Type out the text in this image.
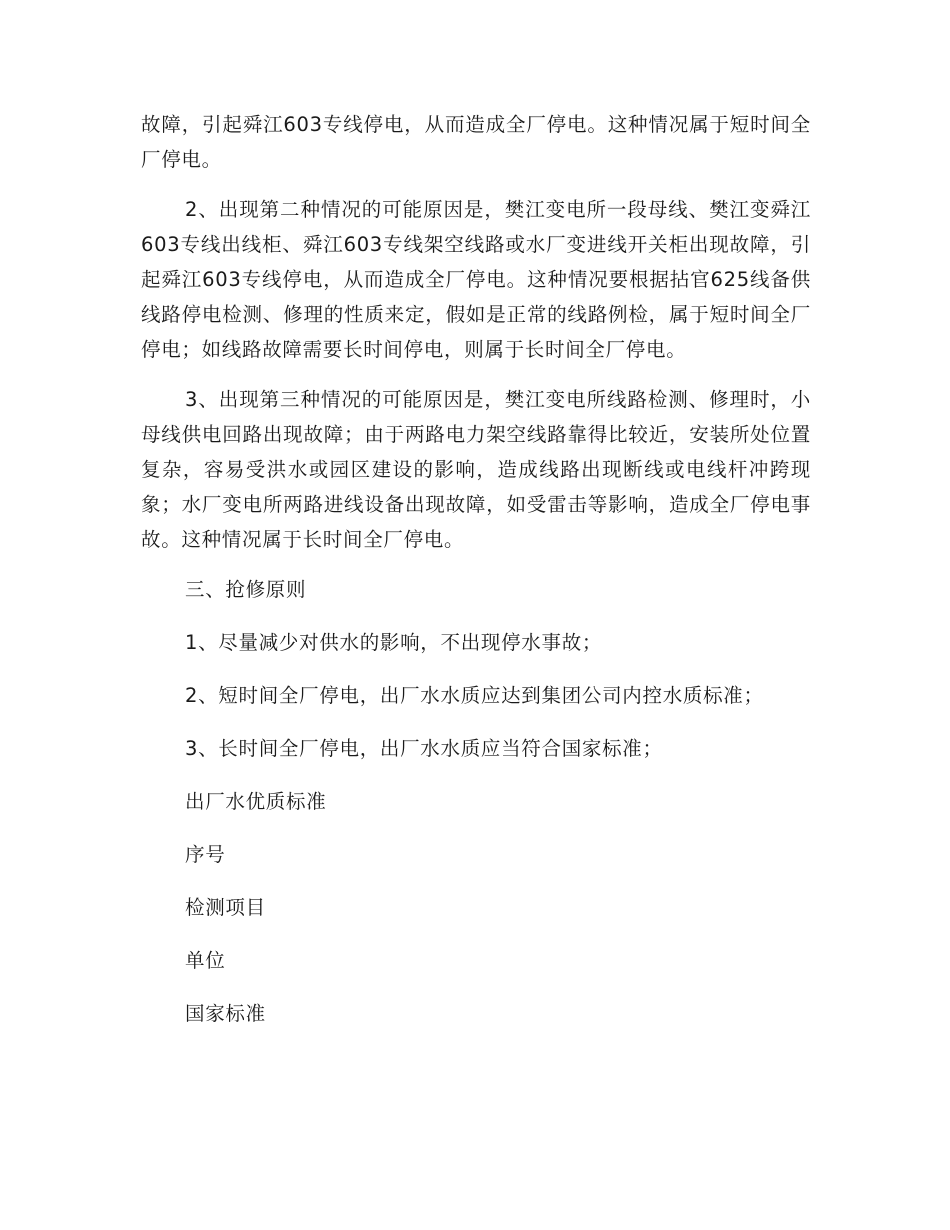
故障，引起舜江603专线停电，从而造成全厂停电。这种情况属于短时间全厂停电。

2、出现第二种情况的可能原因是，樊江变电所一段母线、樊江变舜江603专线出线柜、舜江603专线架空线路或水厂变进线开关柜出现故障，引起舜江603专线停电，从而造成全厂停电。这种情况要根据拈官625线备供线路停电检测、修理的性质来定，假如是正常的线路例检，属于短时间全厂停电；如线路故障需要长时间停电，则属于长时间全厂停电。

3、出现第三种情况的可能原因是，樊江变电所线路检测、修理时，小母线供电回路出现故障；由于两路电力架空线路靠得比较近，安装所处位置复杂，容易受洪水或园区建设的影响，造成线路出现断线或电线杆冲跨现象；水厂变电所两路进线设备出现故障，如受雷击等影响，造成全厂停电事故。这种情况属于长时间全厂停电。

三、抢修原则

1、尽量减少对供水的影响，不出现停水事故；

2、短时间全厂停电，出厂水水质应达到集团公司内控水质标准；

3、长时间全厂停电，出厂水水质应当符合国家标准；

出厂水优质标准

序号

检测项目

单位

国家标准
